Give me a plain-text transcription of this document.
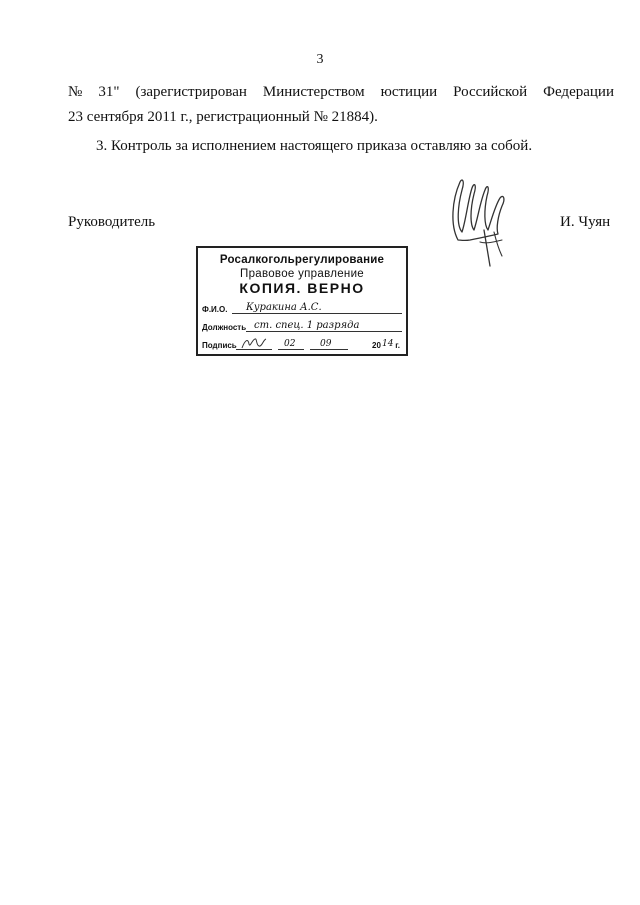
3
№ 31" (зарегистрирован Министерством юстиции Российской Федерации
23 сентября 2011 г., регистрационный № 21884).
3. Контроль за исполнением настоящего приказа оставляю за собой.
Руководитель	И. Чуян
Росалкогольрегулирование
Правовое управление
КОПИЯ. ВЕРНО
Ф.И.О. Куракина А.С.
Должность ст. спец. 1 разряда
Подпись	02	09	20 14 г.
